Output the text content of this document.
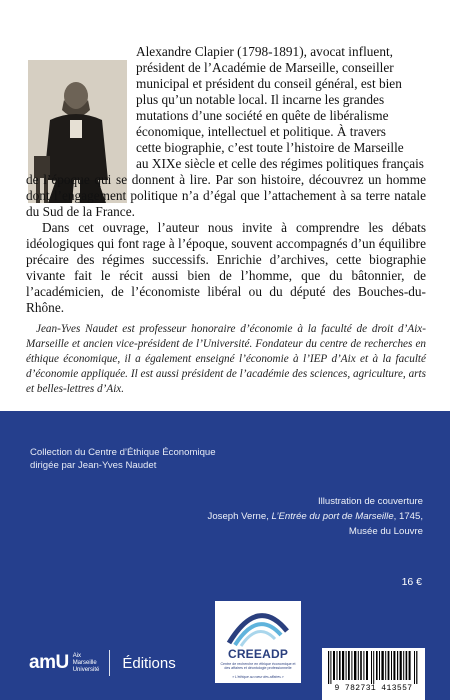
Alexandre Clapier (1798-1891), avocat influent,

président de l’Académie de Marseille, conseiller

municipal et président du conseil général, est bien

plus qu’un notable local. Il incarne les grandes

mutations d’une société en quête de libéralisme

économique, intellectuel et politique. À travers

cette biographie, c’est toute l’histoire de Marseille

au XIXe siècle et celle des régimes politiques français

de l’époque qui se donnent à lire. Par son histoire, découvrez un homme dont l’engagement politique n’a d’égal que l’attachement à sa terre natale du Sud de la France.

Dans cet ouvrage, l’auteur nous invite à comprendre les débats idéologiques qui font rage à l’époque, souvent accompagnés d’un équilibre précaire des régimes successifs. Enrichie d’archives, cette biographie vivante fait le récit aussi bien de l’homme, que du bâtonnier, de l’académicien, de l’économiste libéral ou du député des Bouches-du-Rhône.

Jean-Yves Naudet est professeur honoraire d’économie à la faculté de droit d’Aix-Marseille et ancien vice-président de l’Université. Fondateur du centre de recherches en éthique économique, il a également enseigné l’économie à l’IEP d’Aix et à la faculté d’économie appliquée. Il est aussi président de l’académie des sciences, agriculture, arts et belles-lettres d’Aix.

Collection du Centre d’Éthique Économique
dirigée par Jean-Yves Naudet
Illustration de couverture
Joseph Verne, L’Entrée du port de Marseille, 1745,
Musée du Louvre
16 €
amU Aix
Marseille
Université Éditions
CREEADP
Centre de recherche en éthique économique et des affaires et déontologie professionnelle
« L’éthique au cœur des affaires »
9 782731 413557
